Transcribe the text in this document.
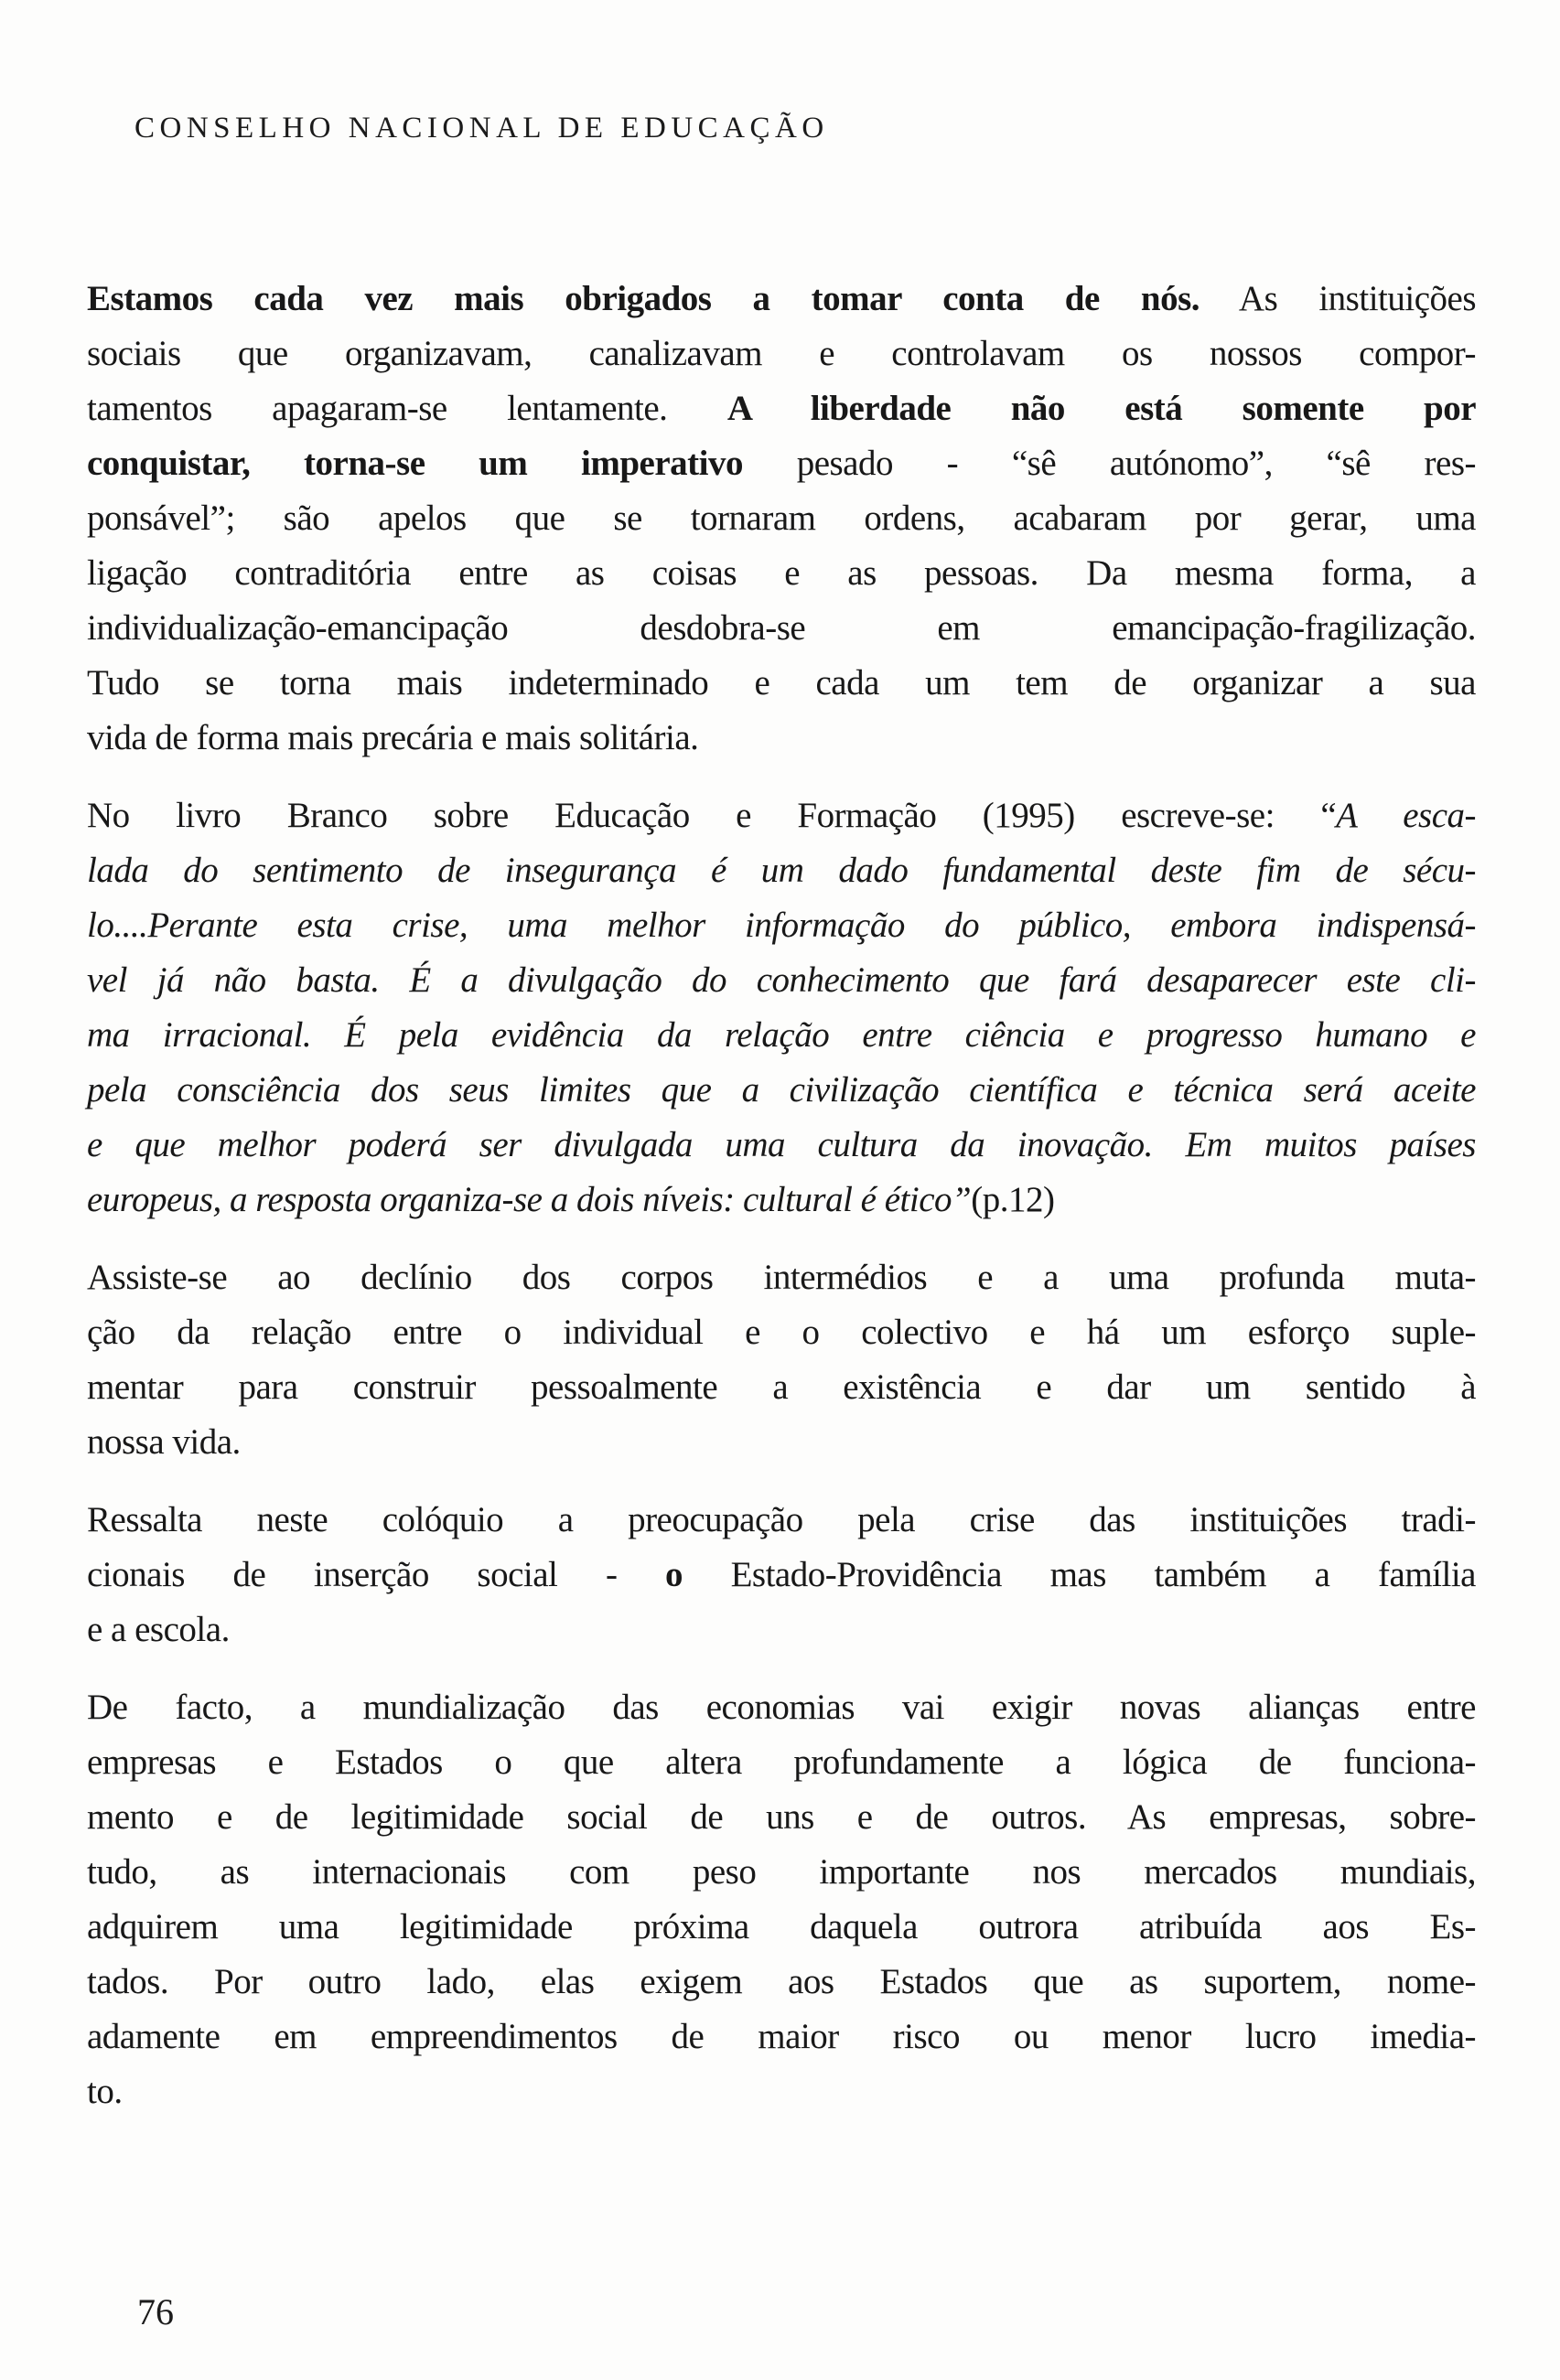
CONSELHO NACIONAL DE EDUCAÇÃO
Estamos cada vez mais obrigados a tomar conta de nós. As instituições
sociais que organizavam, canalizavam e controlavam os nossos compor-
tamentos apagaram-se lentamente. A liberdade não está somente por
conquistar, torna-se um imperativo pesado - “sê autónomo”, “sê res-
ponsável”; são apelos que se tornaram ordens, acabaram por gerar, uma
ligação contraditória entre as coisas e as pessoas. Da mesma forma, a
individualização-emancipação desdobra-se em emancipação-fragilização.
Tudo se torna mais indeterminado e cada um tem de organizar a sua
vida de forma mais precária e mais solitária.
No livro Branco sobre Educação e Formação (1995) escreve-se: “A esca-
lada do sentimento de insegurança é um dado fundamental deste fim de sécu-
lo....Perante esta crise, uma melhor informação do público, embora indispensá-
vel já não basta. É a divulgação do conhecimento que fará desaparecer este cli-
ma irracional. É pela evidência da relação entre ciência e progresso humano e
pela consciência dos seus limites que a civilização científica e técnica será aceite
e que melhor poderá ser divulgada uma cultura da inovação. Em muitos países
europeus, a resposta organiza-se a dois níveis: cultural é ético”(p.12)
Assiste-se ao declínio dos corpos intermédios e a uma profunda muta-
ção da relação entre o individual e o colectivo e há um esforço suple-
mentar para construir pessoalmente a existência e dar um sentido à
nossa vida.
Ressalta neste colóquio a preocupação pela crise das instituições tradi-
cionais de inserção social - o Estado-Providência mas também a família
e a escola.
De facto, a mundialização das economias vai exigir novas alianças entre
empresas e Estados o que altera profundamente a lógica de funciona-
mento e de legitimidade social de uns e de outros. As empresas, sobre-
tudo, as internacionais com peso importante nos mercados mundiais,
adquirem uma legitimidade próxima daquela outrora atribuída aos Es-
tados. Por outro lado, elas exigem aos Estados que as suportem, nome-
adamente em empreendimentos de maior risco ou menor lucro imedia-
to.
76
